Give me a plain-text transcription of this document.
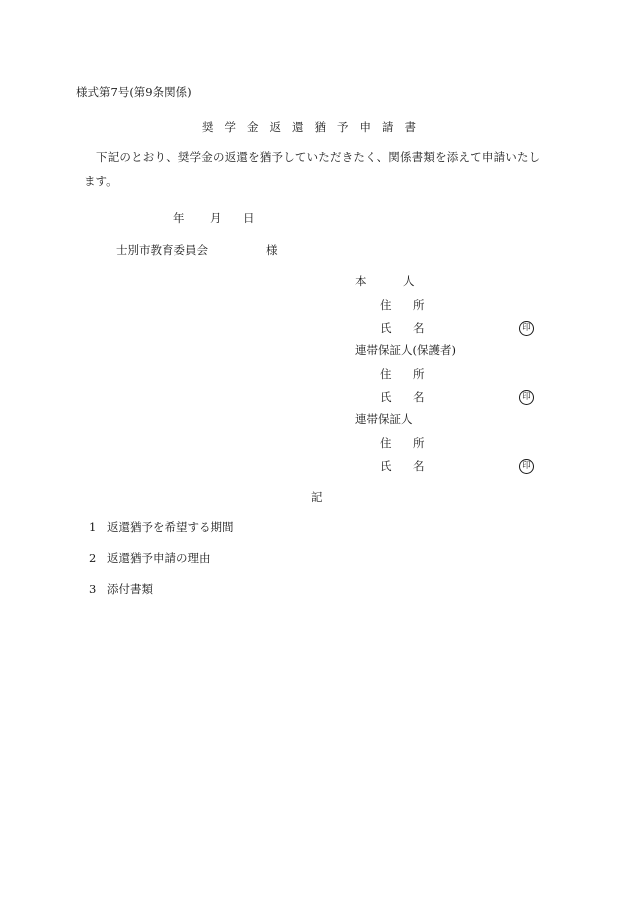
様式第7号(第9条関係)
奨学金返還猶予申請書
下記のとおり、奨学金の返還を猶予していただきたく、関係書類を添えて申請いたし
ます。
年 月 日
士別市教育委員会	様
本	人
住 所
氏 名	印
連帯保証人(保護者)
住 所
氏 名	印
連帯保証人
住 所
氏 名	印
記
1 返還猶予を希望する期間
2 返還猶予申請の理由
3 添付書類
